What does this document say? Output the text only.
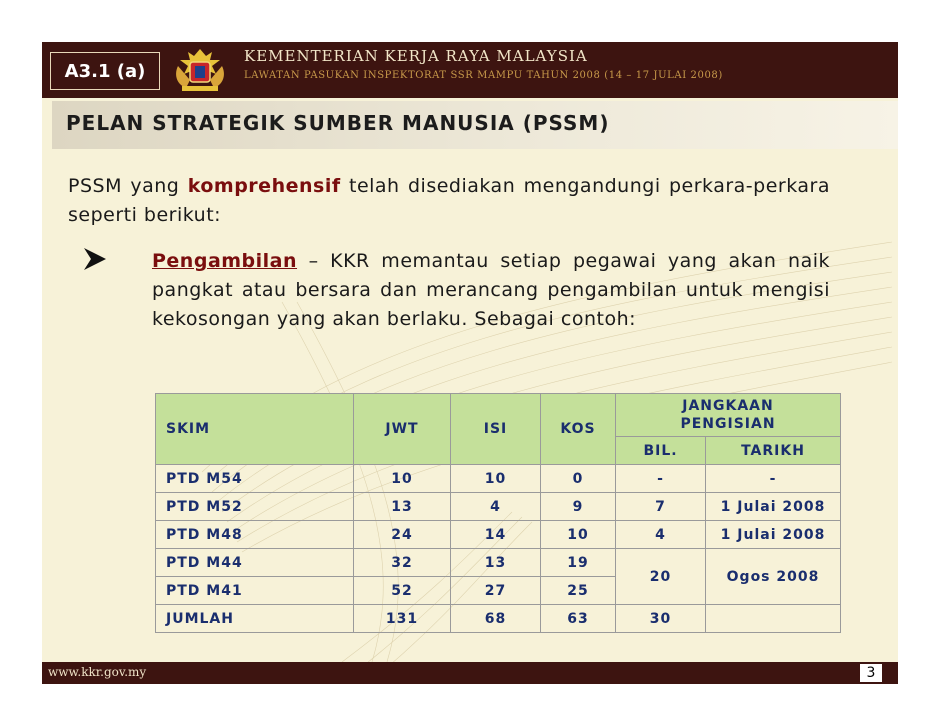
A3.1 (a)
KEMENTERIAN KERJA RAYA MALAYSIA
LAWATAN PASUKAN INSPEKTORAT SSR MAMPU TAHUN 2008 (14 – 17 JULAI 2008)
PELAN STRATEGIK SUMBER MANUSIA (PSSM)
PSSM yang komprehensif telah disediakan mengandungi perkara-perkara seperti berikut:
Pengambilan – KKR memantau setiap pegawai yang akan naik pangkat atau bersara dan merancang pengambilan untuk mengisi kekosongan yang akan berlaku. Sebagai contoh:
SKIM	JWT	ISI	KOS	JANGKAAN PENGISIAN	
				BIL.	TARIKH
PTD M54	10	10	0	-	-
PTD M52	13	4	9	7	1 Julai 2008
PTD M48	24	14	10	4	1 Julai 2008
PTD M44	32	13	19	20	Ogos 2008
PTD M41	52	27	25		
JUMLAH	131	68	63	30	
www.kkr.gov.my	3
